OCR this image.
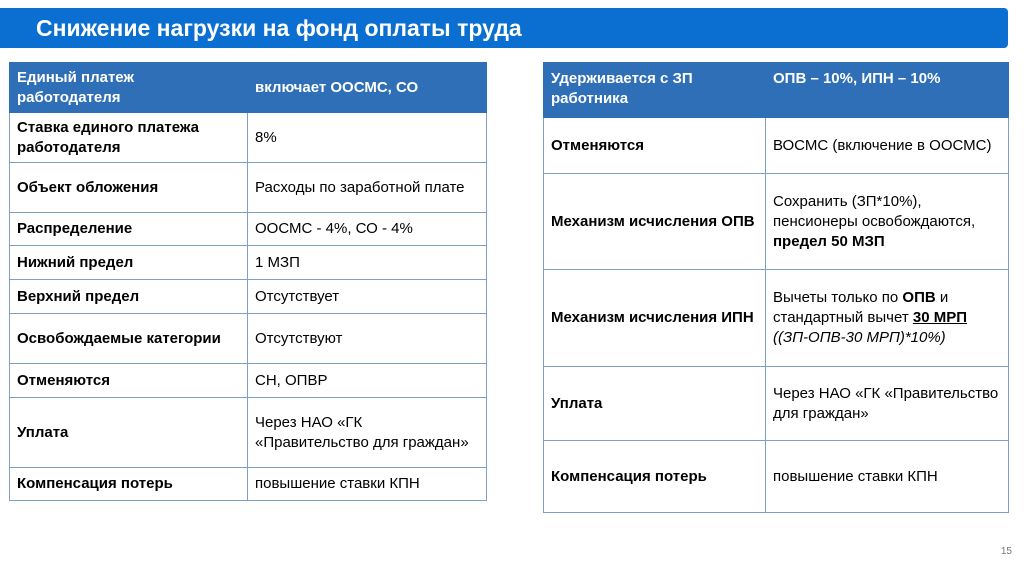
Снижение нагрузки на фонд оплаты труда
Единый платеж работодателя	включает ООСМС, СО
Ставка единого платежа работодателя	8%
Объект обложения	Расходы по заработной плате
Распределение	ООСМС - 4%, СО - 4%
Нижний предел	1 МЗП
Верхний предел	Отсутствует
Освобождаемые категории	Отсутствуют
Отменяются	СН, ОПВР
Уплата	Через НАО «ГК «Правительство для граждан»
Компенсация потерь	повышение ставки КПН
Удерживается с ЗП работника	ОПВ – 10%, ИПН – 10%
Отменяются	ВОСМС (включение в ООСМС)
Механизм исчисления ОПВ	Сохранить (ЗП*10%), пенсионеры освобождаются, предел 50 МЗП
Механизм исчисления ИПН	Вычеты только по ОПВ и стандартный вычет 30 МРП ((ЗП-ОПВ-30 МРП)*10%)
Уплата	Через НАО «ГК «Правительство для граждан»
Компенсация потерь	повышение ставки КПН
15
